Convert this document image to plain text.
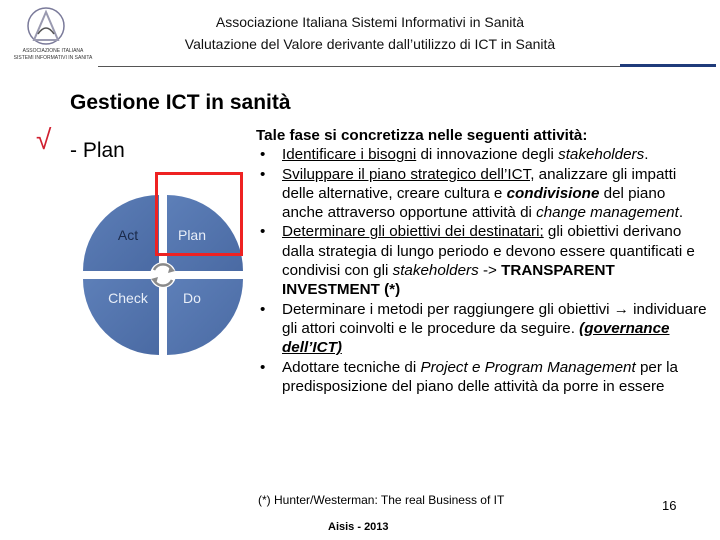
ASSOCIAZIONE ITALIANA
SISTEMI INFORMATIVI IN SANITA
Associazione Italiana Sistemi Informativi in Sanità
Valutazione del Valore derivante dall’utilizzo di ICT in Sanità
Gestione ICT in sanità
√ - Plan
Act	Plan
Check	Do
Tale fase si concretizza nelle seguenti attività:
• Identificare i bisogni di innovazione degli stakeholders.
• Sviluppare il piano strategico dell’ICT, analizzare gli impatti delle alternative, creare cultura e condivisione del piano anche attraverso opportune attività di change management.
• Determinare gli obiettivi dei destinatari; gli obiettivi derivano dalla strategia di lungo periodo e devono essere quantificati e condivisi con gli stakeholders -> TRANSPARENT INVESTMENT (*)
• Determinare i metodi per raggiungere gli obiettivi → individuare gli attori coinvolti e le procedure da seguire. (governance dell’ICT)
• Adottare tecniche di Project e Program Management per la predisposizione del piano delle attività da porre in essere
(*) Hunter/Westerman: The real Business of IT	16
Aisis - 2013
